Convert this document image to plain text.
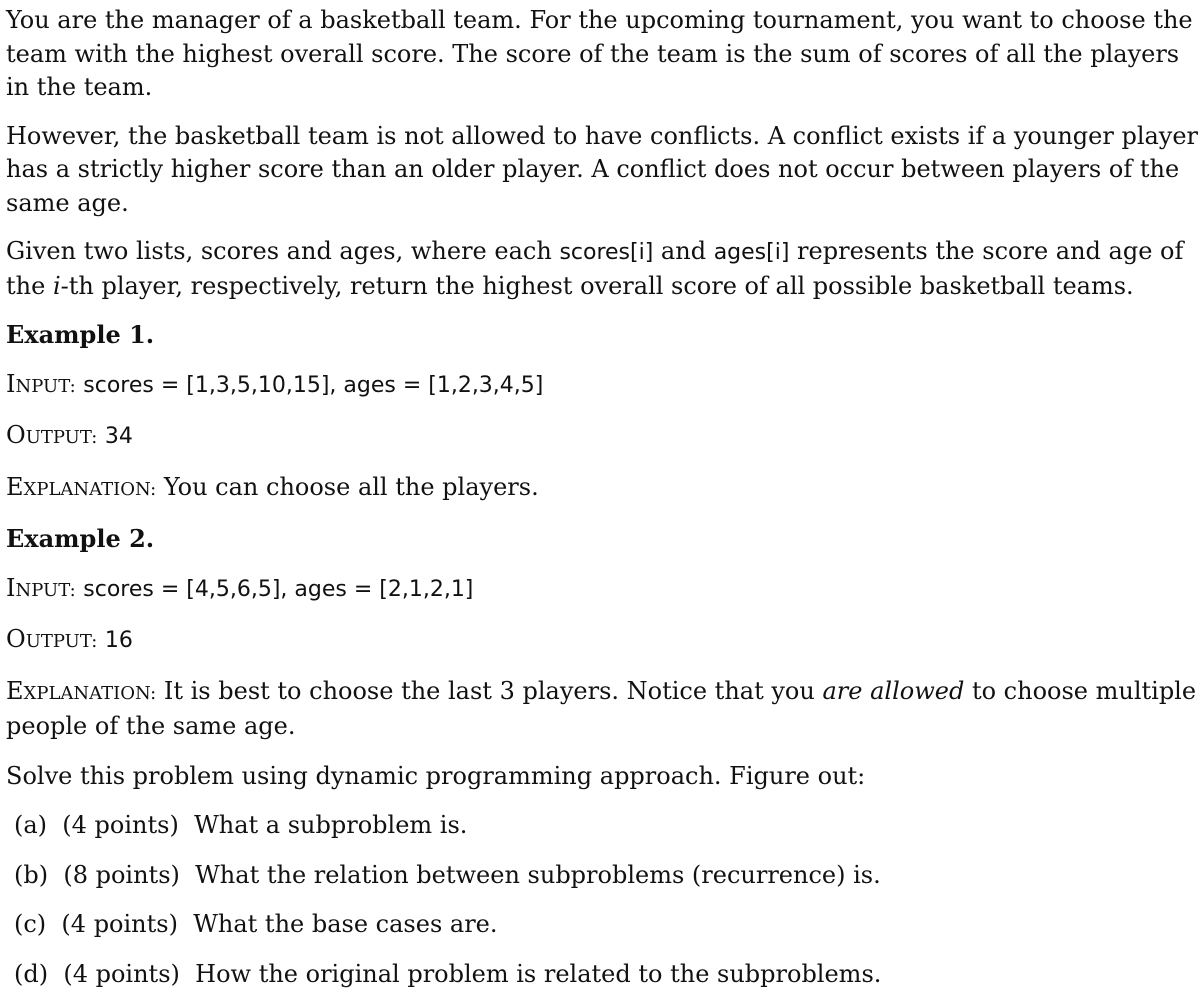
You are the manager of a basketball team. For the upcoming tournament, you want to choose the team with the highest overall score. The score of the team is the sum of scores of all the players in the team.

However, the basketball team is not allowed to have conflicts. A conflict exists if a younger player has a strictly higher score than an older player. A conflict does not occur between players of the same age.

Given two lists, scores and ages, where each scores[i] and ages[i] represents the score and age of the i-th player, respectively, return the highest overall score of all possible basketball teams.

Example 1.

INPUT: scores = [1,3,5,10,15], ages = [1,2,3,4,5]

OUTPUT: 34

EXPLANATION: You can choose all the players.

Example 2.

INPUT: scores = [4,5,6,5], ages = [2,1,2,1]

OUTPUT: 16

EXPLANATION: It is best to choose the last 3 players. Notice that you are allowed to choose multiple people of the same age.

Solve this problem using dynamic programming approach. Figure out:

(a)  (4 points)  What a subproblem is.

(b)  (8 points)  What the relation between subproblems (recurrence) is.

(c)  (4 points)  What the base cases are.

(d)  (4 points)  How the original problem is related to the subproblems.
